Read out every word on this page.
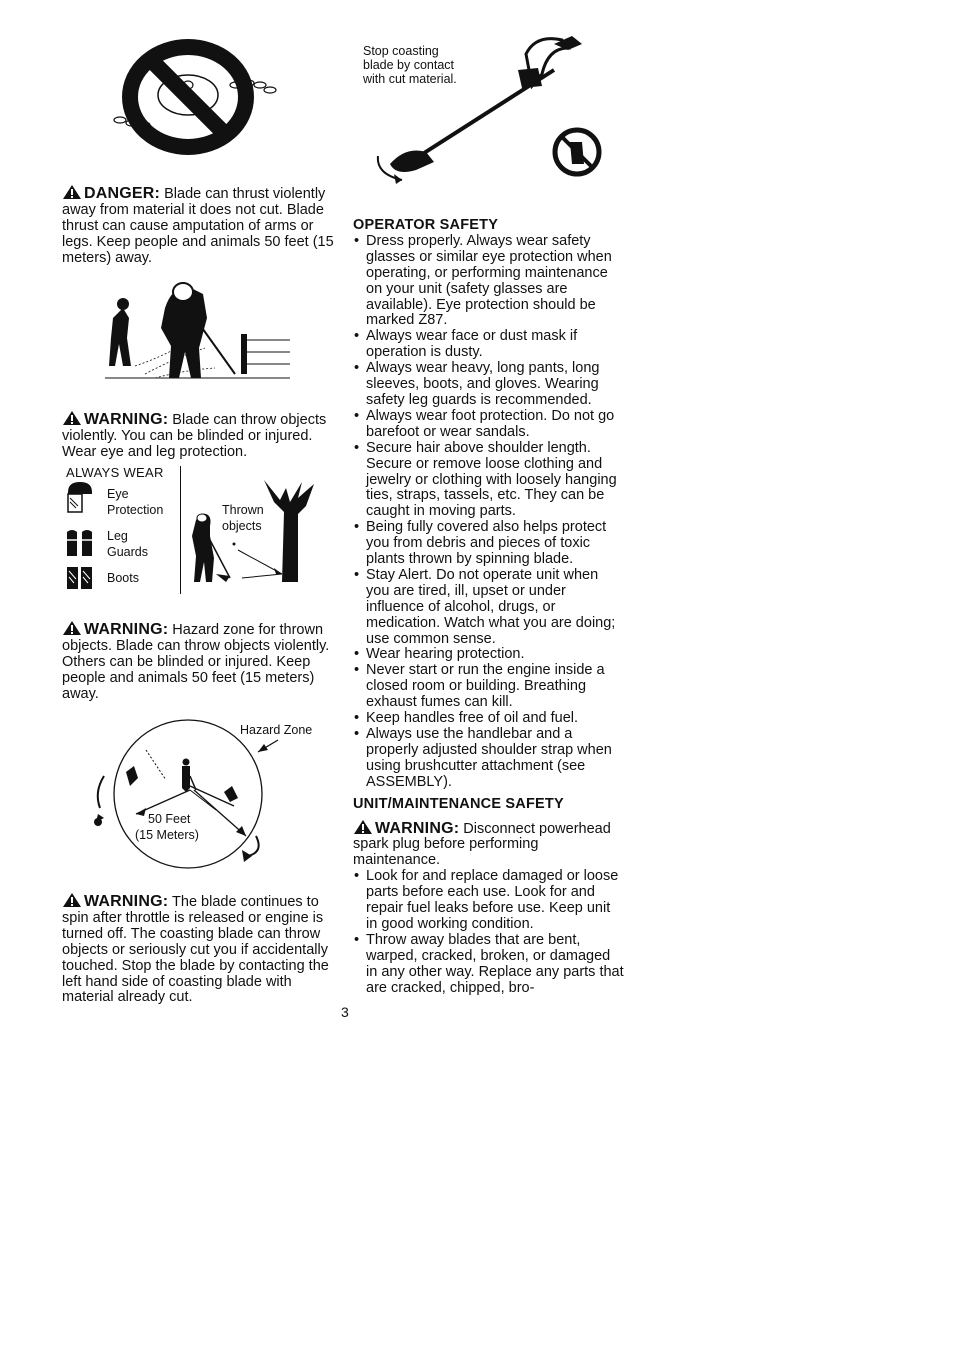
DANGER: Blade can thrust violently away from material it does not cut. Blade thrust can cause amputation of arms or legs. Keep people and animals 50 feet (15 meters) away.
WARNING: Blade can throw objects violently. You can be blinded or injured. Wear eye and leg protection.
ALWAYS WEAR
Eye
Protection
Leg
Guards
Boots
Thrown
objects
WARNING: Hazard zone for thrown objects. Blade can throw objects violently. Others can be blinded or injured. Keep people and animals 50 feet (15 meters) away.
Hazard Zone
50 Feet
(15 Meters)
WARNING: The blade continues to spin after throttle is released or engine is turned off. The coasting blade can throw objects or seriously cut you if accidentally touched. Stop the blade by contacting the left hand side of coasting blade with material already cut.
Stop coasting
blade by contact
with cut material.
OPERATOR SAFETY
• Dress properly. Always wear safety glasses or similar eye protection when operating, or performing maintenance on your unit (safety glasses are available). Eye protection should be marked Z87.
• Always wear face or dust mask if operation is dusty.
• Always wear heavy, long pants, long sleeves, boots, and gloves. Wearing safety leg guards is recommended.
• Always wear foot protection. Do not go barefoot or wear sandals.
• Secure hair above shoulder length. Secure or remove loose clothing and jewelry or clothing with loosely hanging ties, straps, tassels, etc. They can be caught in moving parts.
• Being fully covered also helps protect you from debris and pieces of toxic plants thrown by spinning blade.
• Stay Alert. Do not operate unit when you are tired, ill, upset or under influence of alcohol, drugs, or medication. Watch what you are doing; use common sense.
• Wear hearing protection.
• Never start or run the engine inside a closed room or building. Breathing exhaust fumes can kill.
• Keep handles free of oil and fuel.
• Always use the handlebar and a properly adjusted shoulder strap when using brushcutter attachment (see ASSEMBLY).
UNIT/MAINTENANCE SAFETY
WARNING: Disconnect powerhead spark plug before performing maintenance.
• Look for and replace damaged or loose parts before each use. Look for and repair fuel leaks before use. Keep unit in good working condition.
• Throw away blades that are bent, warped, cracked, broken, or damaged in any other way. Replace any parts that are cracked, chipped, bro-
3
